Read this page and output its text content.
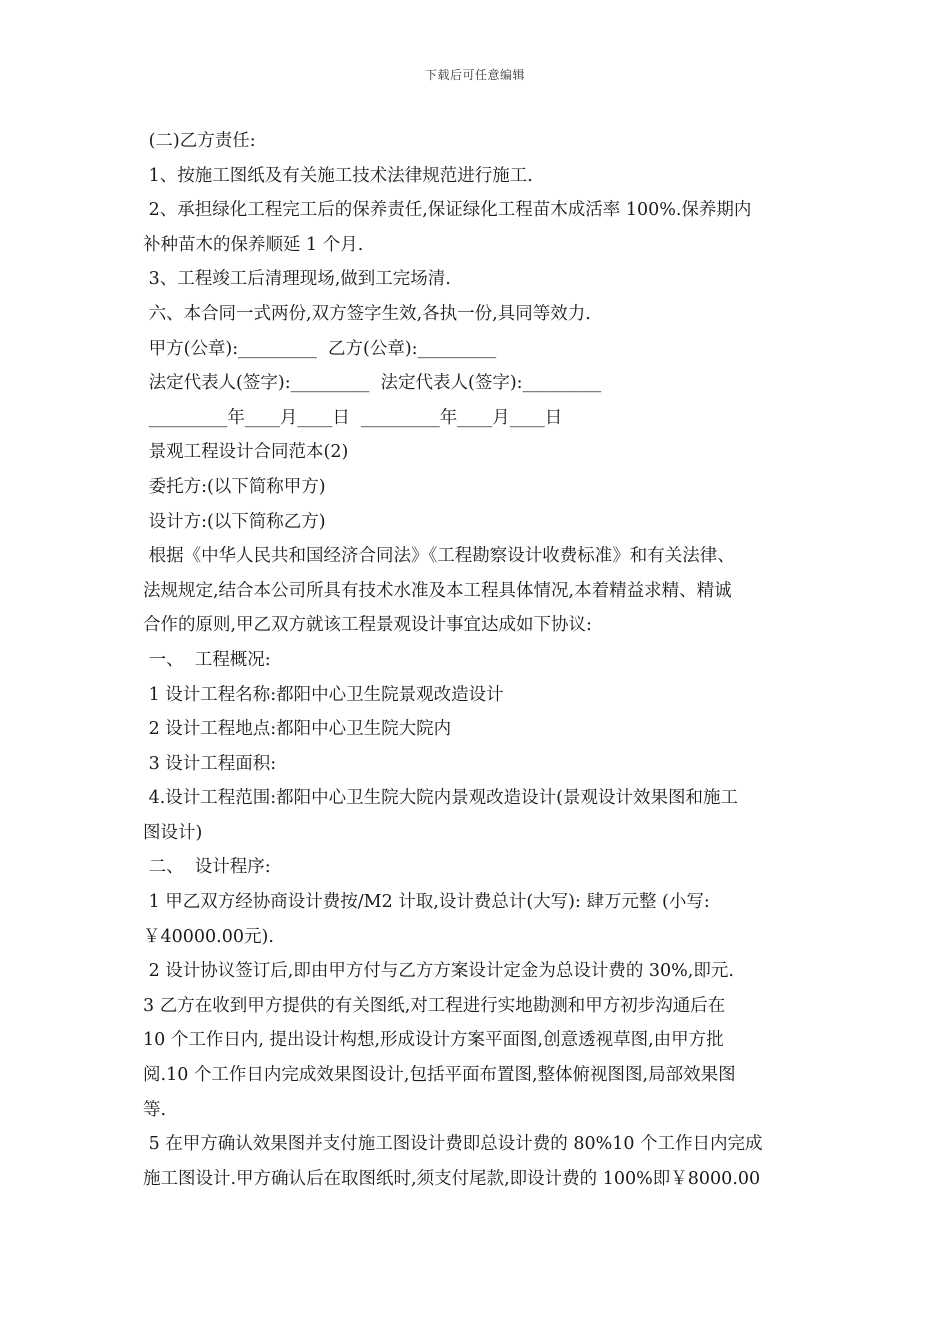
下载后可任意编辑
(二)乙方责任:
1、按施工图纸及有关施工技术法律规范进行施工.
2、承担绿化工程完工后的保养责任,保证绿化工程苗木成活率 100%.保养期内
补种苗木的保养顺延 1 个月.
3、工程竣工后清理现场,做到工完场清.
六、本合同一式两份,双方签字生效,各执一份,具同等效力.
甲方(公章):_________  乙方(公章):_________
法定代表人(签字):_________  法定代表人(签字):_________
_________年____月____日  _________年____月____日
景观工程设计合同范本(2)
委托方:(以下简称甲方)
设计方:(以下简称乙方)
根据《中华人民共和国经济合同法》《工程勘察设计收费标准》和有关法律、
法规规定,结合本公司所具有技术水准及本工程具体情况,本着精益求精、精诚
合作的原则,甲乙双方就该工程景观设计事宜达成如下协议:
一、  工程概况:
1 设计工程名称:都阳中心卫生院景观改造设计
2 设计工程地点:都阳中心卫生院大院内
3 设计工程面积:
4.设计工程范围:都阳中心卫生院大院内景观改造设计(景观设计效果图和施工
图设计)
二、  设计程序:
1 甲乙双方经协商设计费按/M2 计取,设计费总计(大写): 肆万元整 (小写:
￥40000.00元).
2 设计协议签订后,即由甲方付与乙方方案设计定金为总设计费的 30%,即元.
3 乙方在收到甲方提供的有关图纸,对工程进行实地勘测和甲方初步沟通后在
10 个工作日内, 提出设计构想,形成设计方案平面图,创意透视草图,由甲方批
阅.10 个工作日内完成效果图设计,包括平面布置图,整体俯视图图,局部效果图
等.
5 在甲方确认效果图并支付施工图设计费即总设计费的 80%10 个工作日内完成
施工图设计.甲方确认后在取图纸时,须支付尾款,即设计费的 100%即￥8000.00
